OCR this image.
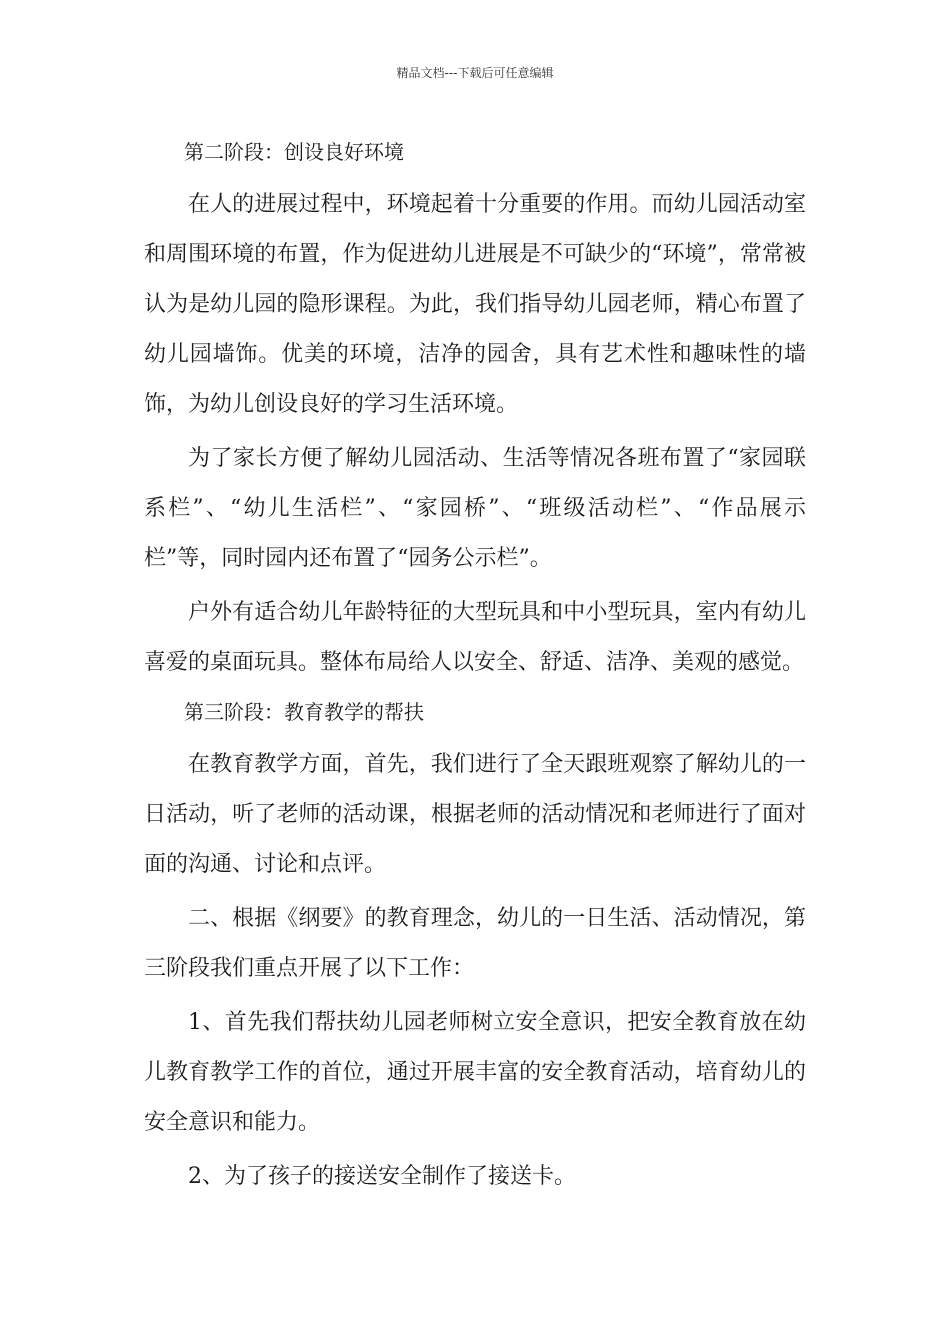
精品文档---下载后可任意编辑

第二阶段：创设良好环境

在人的进展过程中，环境起着十分重要的作用。而幼儿园活动室和周围环境的布置，作为促进幼儿进展是不可缺少的“环境”，常常被认为是幼儿园的隐形课程。为此，我们指导幼儿园老师，精心布置了幼儿园墙饰。优美的环境，洁净的园舍，具有艺术性和趣味性的墙饰，为幼儿创设良好的学习生活环境。

为了家长方便了解幼儿园活动、生活等情况各班布置了“家园联系栏”、“幼儿生活栏”、“家园桥”、“班级活动栏”、“作品展示栏”等，同时园内还布置了“园务公示栏”。

户外有适合幼儿年龄特征的大型玩具和中小型玩具，室内有幼儿喜爱的桌面玩具。整体布局给人以安全、舒适、洁净、美观的感觉。

第三阶段：教育教学的帮扶

在教育教学方面，首先，我们进行了全天跟班观察了解幼儿的一日活动，听了老师的活动课，根据老师的活动情况和老师进行了面对面的沟通、讨论和点评。

二、根据《纲要》的教育理念，幼儿的一日生活、活动情况，第三阶段我们重点开展了以下工作：

1、首先我们帮扶幼儿园老师树立安全意识，把安全教育放在幼儿教育教学工作的首位，通过开展丰富的安全教育活动，培育幼儿的安全意识和能力。

2、为了孩子的接送安全制作了接送卡。
